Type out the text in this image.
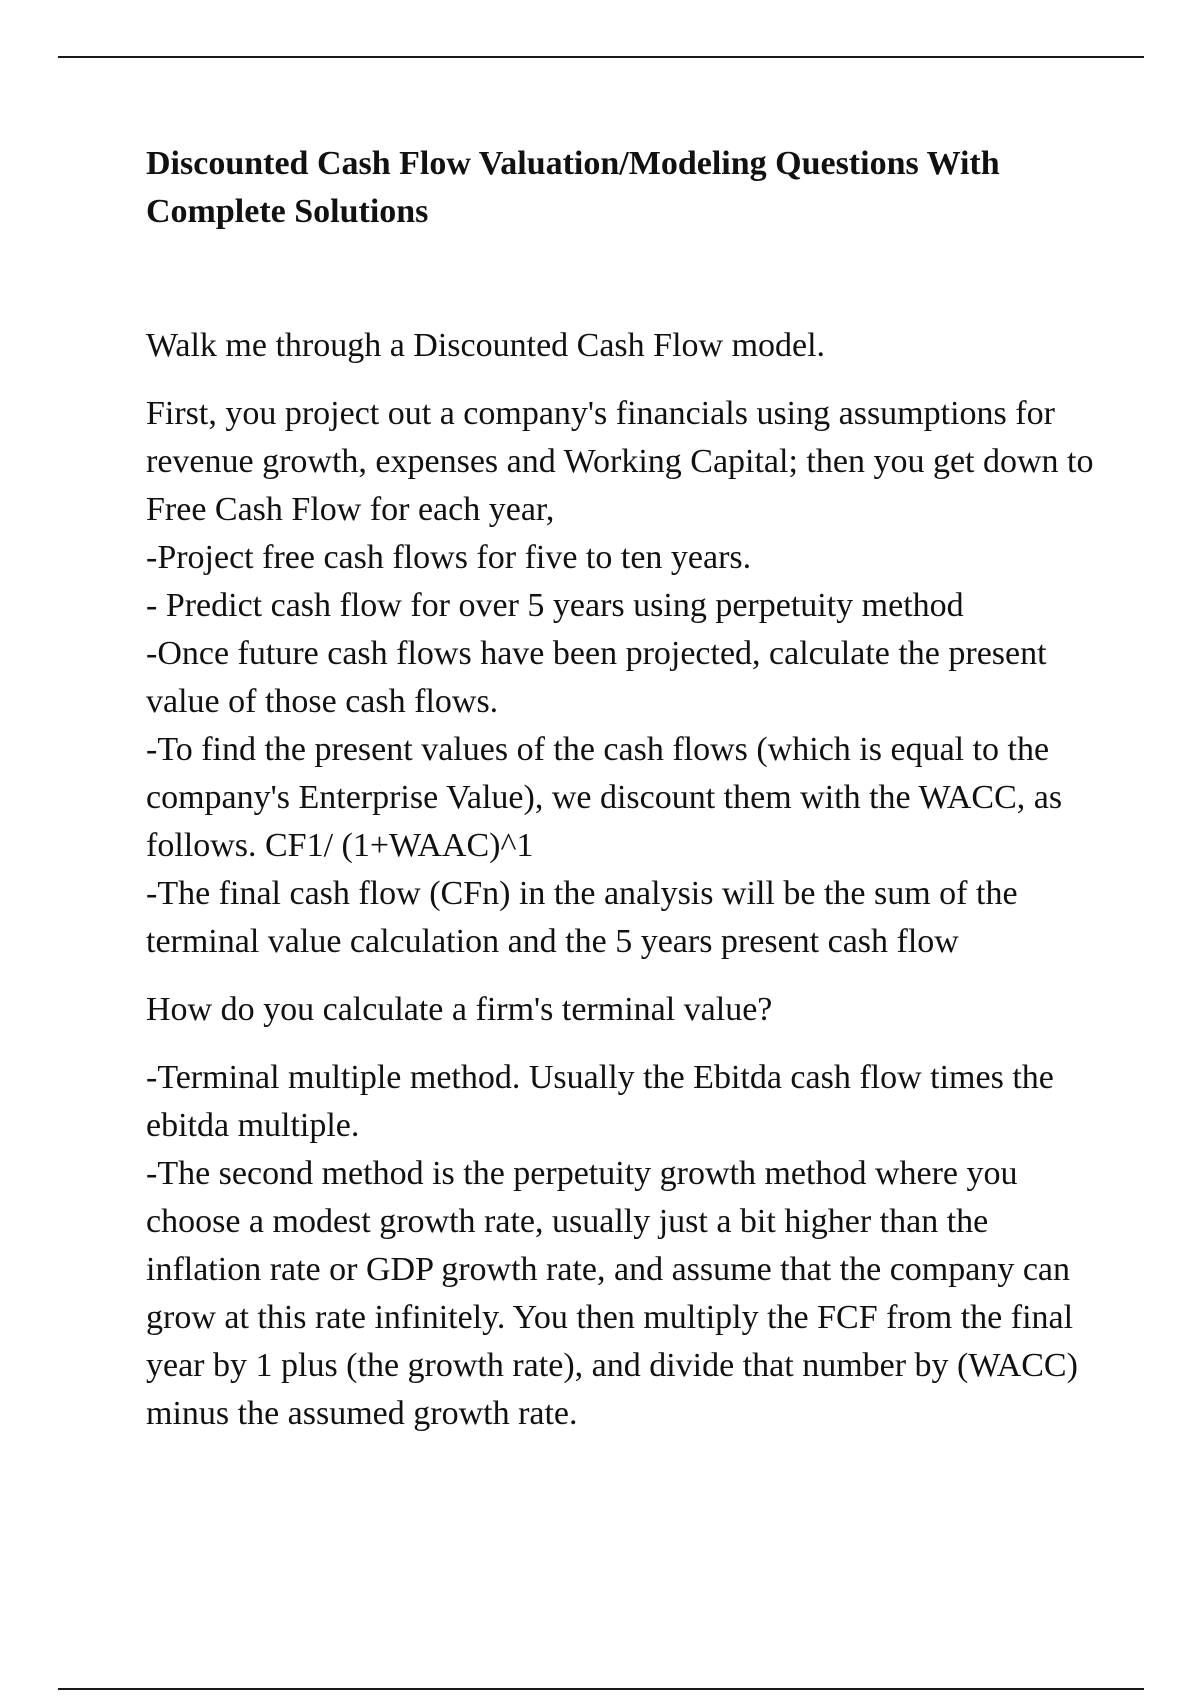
Discounted Cash Flow Valuation/Modeling Questions With
Complete Solutions

Walk me through a Discounted Cash Flow model.

First, you project out a company's financials using assumptions for revenue growth, expenses and Working Capital; then you get down to Free Cash Flow for each year,

-Project free cash flows for five to ten years.

- Predict cash flow for over 5 years using perpetuity method

-Once future cash flows have been projected, calculate the present value of those cash flows.

-To find the present values of the cash flows (which is equal to the company's Enterprise Value), we discount them with the WACC, as follows. CF1/ (1+WAAC)^1

-The final cash flow (CFn) in the analysis will be the sum of the terminal value calculation and the 5 years present cash flow

How do you calculate a firm's terminal value?

-Terminal multiple method. Usually the Ebitda cash flow times the ebitda multiple.

-The second method is the perpetuity growth method where you choose a modest growth rate, usually just a bit higher than the inflation rate or GDP growth rate, and assume that the company can grow at this rate infinitely. You then multiply the FCF from the final year by 1 plus (the growth rate), and divide that number by (WACC) minus the assumed growth rate.
